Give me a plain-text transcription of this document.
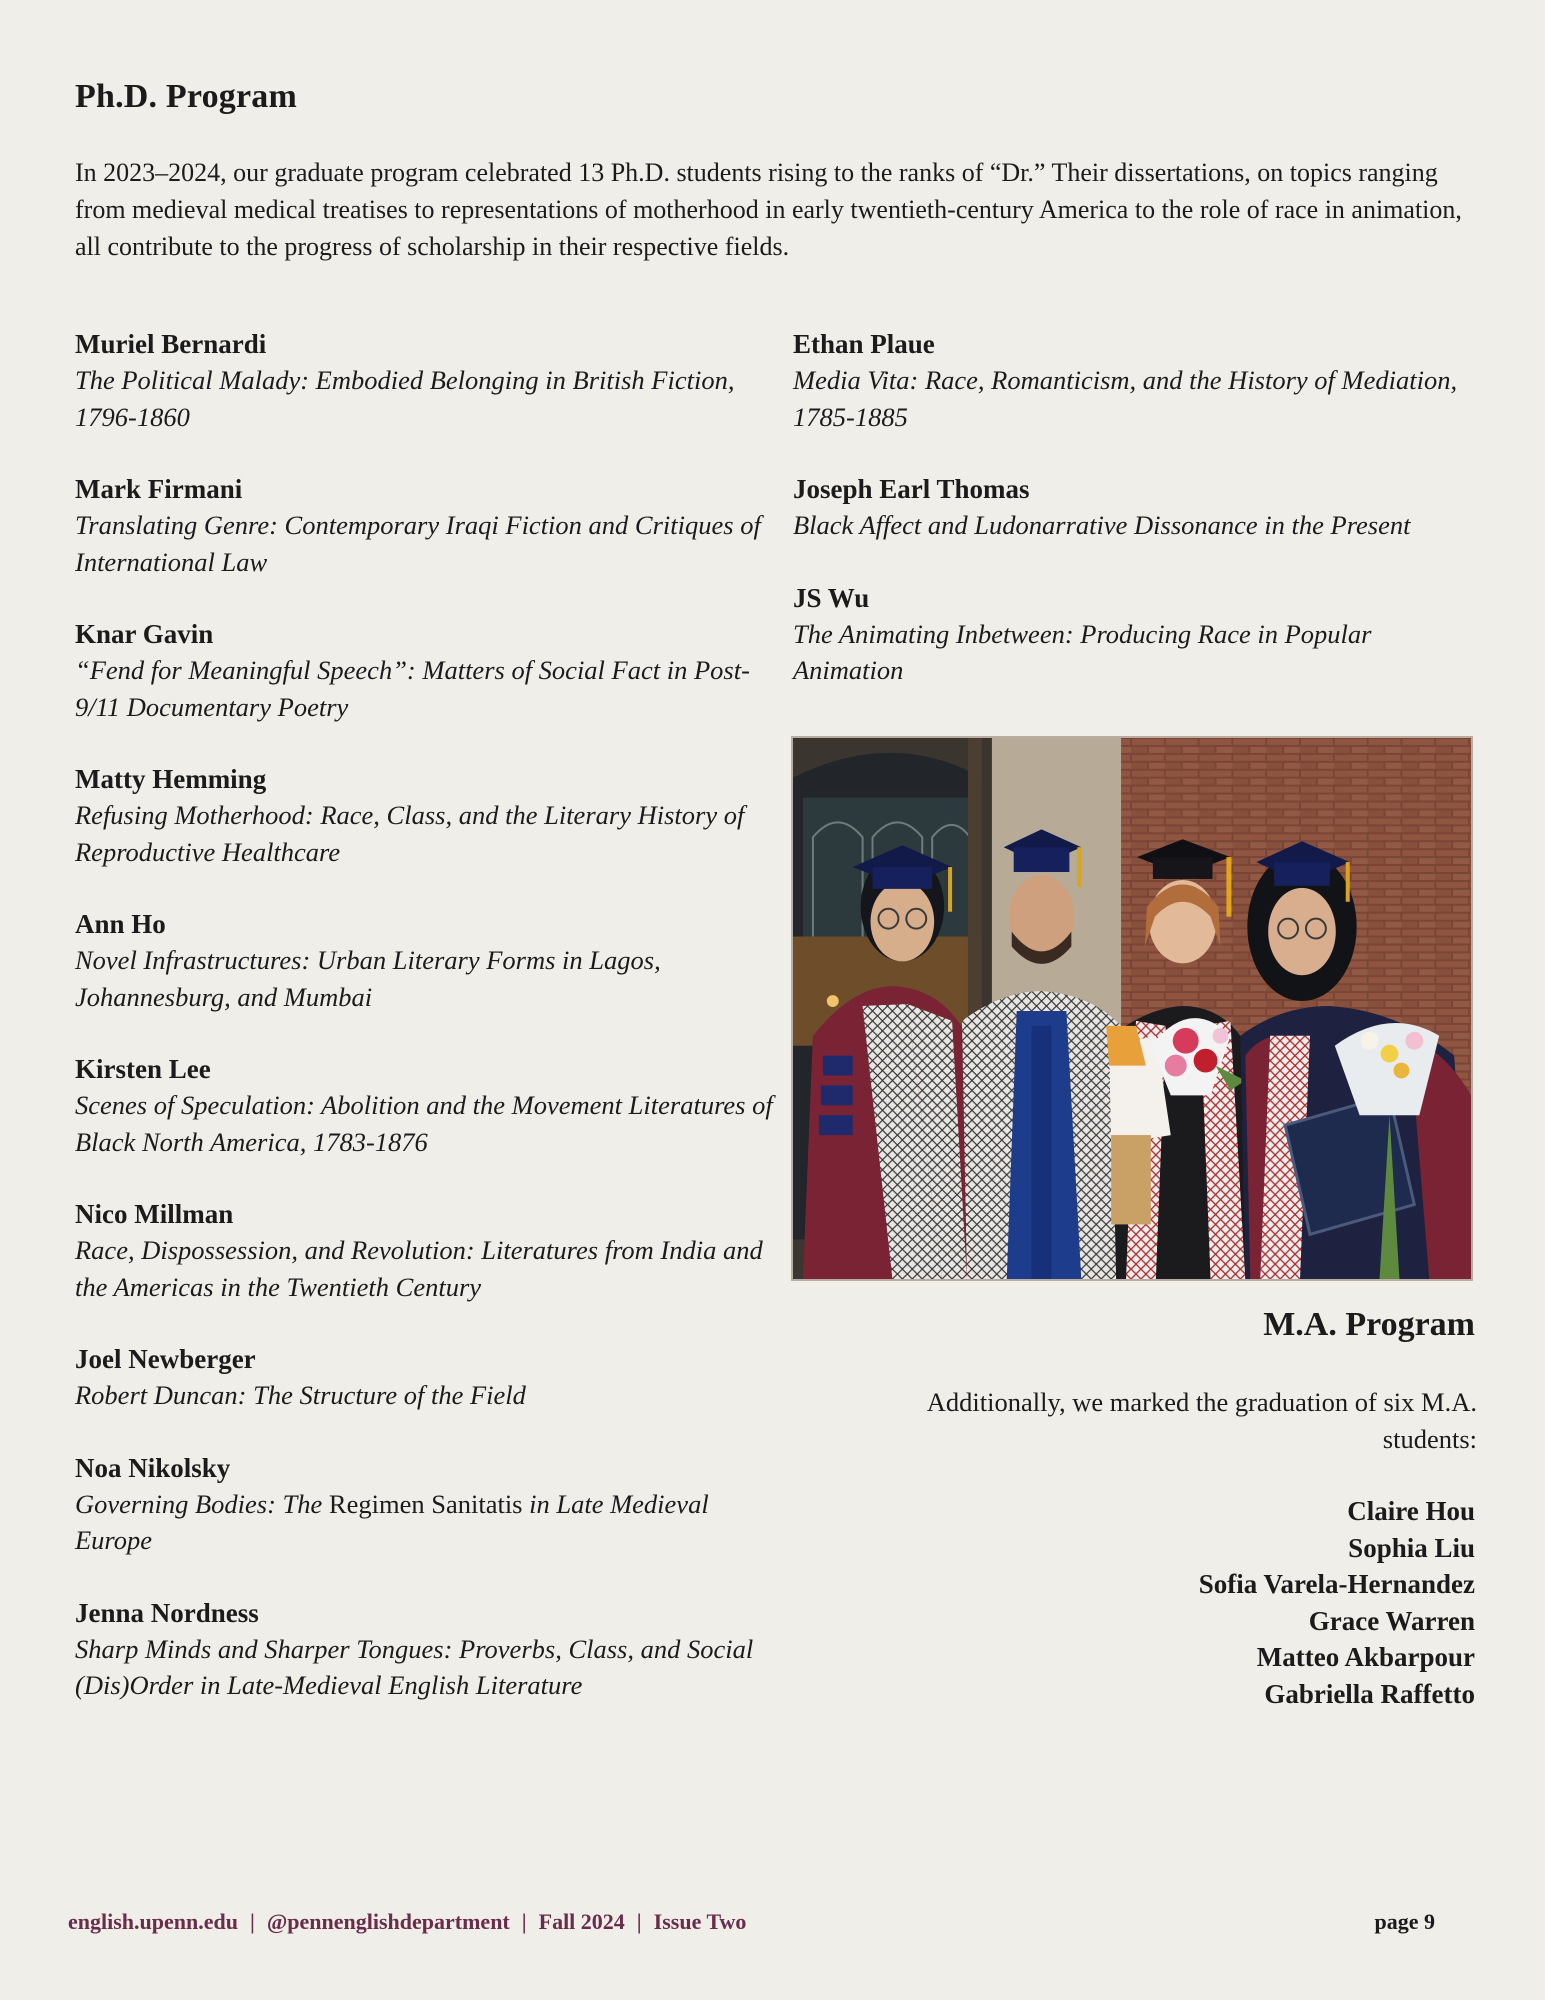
Ph.D. Program

In 2023–2024, our graduate program celebrated 13 Ph.D. students rising to the ranks of “Dr.” Their dissertations, on topics ranging from medieval medical treatises to representations of motherhood in early twentieth-century America to the role of race in animation, all contribute to the progress of scholarship in their respective fields.

Muriel Bernardi
The Political Malady: Embodied Belonging in British Fiction, 1796-1860
Mark Firmani
Translating Genre: Contemporary Iraqi Fiction and Critiques of International Law
Knar Gavin
“Fend for Meaningful Speech”: Matters of Social Fact in Post-9/11 Documentary Poetry
Matty Hemming
Refusing Motherhood: Race, Class, and the Literary History of Reproductive Healthcare
Ann Ho
Novel Infrastructures: Urban Literary Forms in Lagos, Johannesburg, and Mumbai
Kirsten Lee
Scenes of Speculation: Abolition and the Movement Literatures of Black North America, 1783-1876
Nico Millman
Race, Dispossession, and Revolution: Literatures from India and the Americas in the Twentieth Century
Joel Newberger
Robert Duncan: The Structure of the Field
Noa Nikolsky
Governing Bodies: The Regimen Sanitatis in Late Medieval Europe
Jenna Nordness
Sharp Minds and Sharper Tongues: Proverbs, Class, and Social (Dis)Order in Late-Medieval English Literature
Ethan Plaue
Media Vita: Race, Romanticism, and the History of Mediation, 1785-1885
Joseph Earl Thomas
Black Affect and Ludonarrative Dissonance in the Present
JS Wu
The Animating Inbetween: Producing Race in Popular Animation
M.A. Program

Additionally, we marked the graduation of six M.A. students:

Claire Hou
Sophia Liu
Sofia Varela-Hernandez
Grace Warren
Matteo Akbarpour
Gabriella Raffetto

english.upenn.edu | @pennenglishdepartment | Fall 2024 | Issue Two	page 9
